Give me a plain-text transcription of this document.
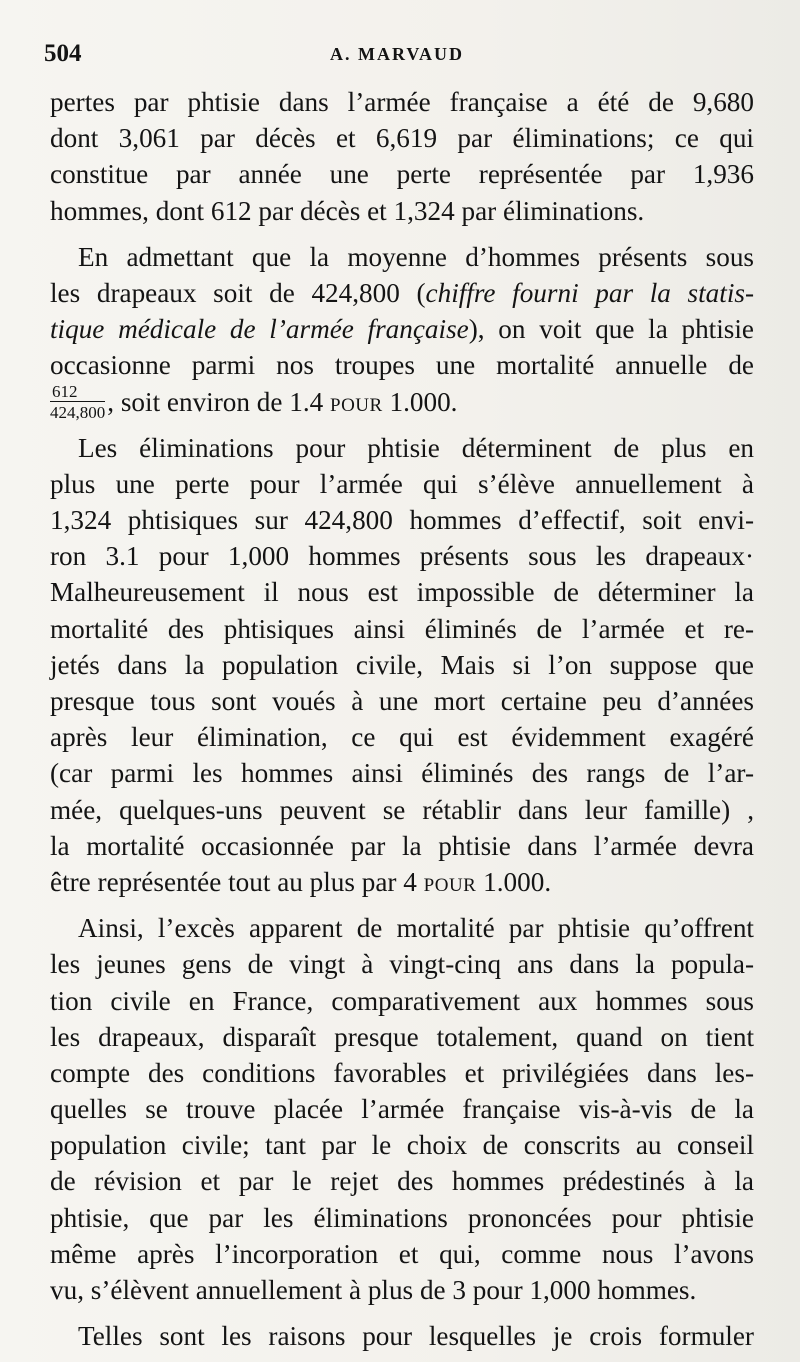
504	A. MARVAUD
pertes par phtisie dans l’armée française a été de 9,680
dont 3,061 par décès et 6,619 par éliminations; ce qui
constitue par année une perte représentée par 1,936
hommes, dont 612 par décès et 1,324 par éliminations.
En admettant que la moyenne d’hommes présents sous
les drapeaux soit de 424,800 (chiffre fourni par la statis-
tique médicale de l’armée française), on voit que la phtisie
occasionne parmi nos troupes une mortalité annuelle de
$\frac{612}{424,800}$ , soit environ de 1.4 POUR 1.000.
Les éliminations pour phtisie déterminent de plus en
plus une perte pour l’armée qui s’élève annuellement à
1,324 phtisiques sur 424,800 hommes d’effectif, soit envi-
ron 3.1 pour 1,000 hommes présents sous les drapeaux·
Malheureusement il nous est impossible de déterminer la
mortalité des phtisiques ainsi éliminés de l’armée et re-
jetés dans la population civile, Mais si l’on suppose que
presque tous sont voués à une mort certaine peu d’années
après leur élimination, ce qui est évidemment exagéré
(car parmi les hommes ainsi éliminés des rangs de l’ar-
mée, quelques-uns peuvent se rétablir dans leur famille) ,
la mortalité occasionnée par la phtisie dans l’armée devra
être représentée tout au plus par 4 POUR 1.000.
Ainsi, l’excès apparent de mortalité par phtisie qu’offrent
les jeunes gens de vingt à vingt-cinq ans dans la popula-
tion civile en France, comparativement aux hommes sous
les drapeaux, disparaît presque totalement, quand on tient
compte des conditions favorables et privilégiées dans les-
quelles se trouve placée l’armée française vis-à-vis de la
population civile; tant par le choix de conscrits au conseil
de révision et par le rejet des hommes prédestinés à la
phtisie, que par les éliminations prononcées pour phtisie
même après l’incorporation et qui, comme nous l’avons
vu, s’élèvent annuellement à plus de 3 pour 1,000 hommes.
Telles sont les raisons pour lesquelles je crois formuler
